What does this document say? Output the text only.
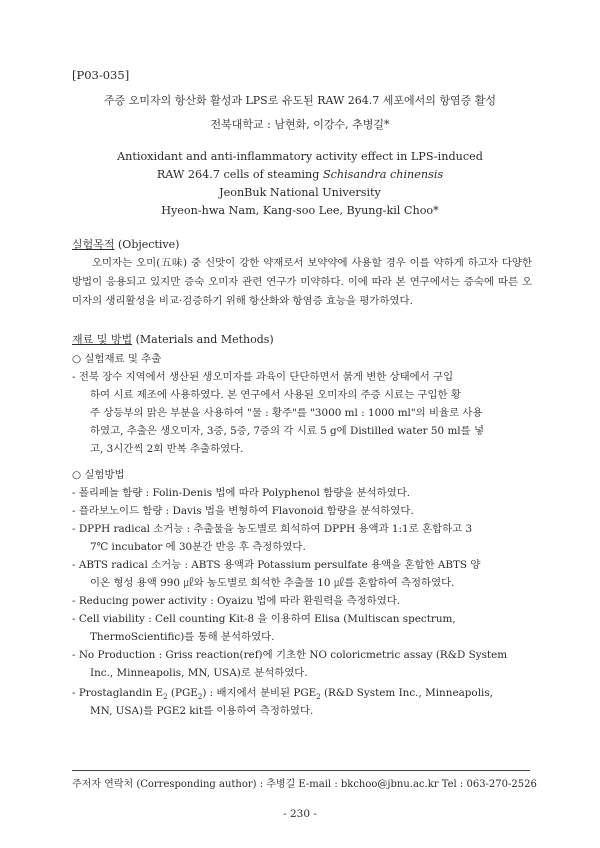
[P03-035]
주증 오미자의 항산화 활성과 LPS로 유도된 RAW 264.7 세포에서의 항염증 활성
전북대학교 : 남현화, 이강수, 추병길*
Antioxidant and anti-inflammatory activity effect in LPS-induced
RAW 264.7 cells of steaming Schisandra chinensis
JeonBuk National University
Hyeon-hwa Nam, Kang-soo Lee, Byung-kil Choo*
실험목적 (Objective)
오미자는 오미(五味) 중 신맛이 강한 약재로서 보약약에 사용할 경우 이를 약하게 하고자 다양한 방법이 응용되고 있지만 증숙 오미자 관련 연구가 미약하다. 이에 따라 본 연구에서는 증숙에 따른 오미자의 생리활성을 비교·검증하기 위해 항산화와 항염증 효능을 평가하였다.
재료 및 방법 (Materials and Methods)
○ 실험재료 및 추출
- 전북 장수 지역에서 생산된 생오미자를 과육이 단단하면서 붉게 변한 상태에서 구입
하여 시료 제조에 사용하였다. 본 연구에서 사용된 오미자의 주증 시료는 구입한 황
주 상등부의 맑은 부분을 사용하여 "물 : 황주"를 "3000 ml : 1000 ml"의 비율로 사용
하였고, 추출은 생오미자, 3증, 5증, 7증의 각 시료 5 g에 Distilled water 50 ml를 넣
고, 3시간씩 2회 반복 추출하였다.
○ 실험방법
- 폴리페놀 함량 : Folin-Denis 법에 따라 Polyphenol 함량을 분석하였다.
- 플라보노이드 함량 : Davis 법을 변형하여 Flavonoid 함량을 분석하였다.
- DPPH radical 소거능 : 추출물을 농도별로 희석하여 DPPH 용액과 1:1로 혼합하고 3
7℃ incubator 에 30분간 반응 후 측정하였다.
- ABTS radical 소거능 : ABTS 용액과 Potassium persulfate 용액을 혼합한 ABTS 양
이온 형성 용액 990 ㎕와 농도별로 희석한 추출물 10 ㎕를 혼합하여 측정하였다.
- Reducing power activity : Oyaizu 법에 따라 환원력을 측정하였다.
- Cell viability : Cell counting Kit-8 을 이용하여 Elisa (Multiscan spectrum,
ThermoScientific)를 통해 분석하였다.
- No Production : Griss reaction(ref)에 기초한 NO coloricmetric assay (R&D System
Inc., Minneapolis, MN, USA)로 분석하였다.
- Prostaglandin $E_2$ $(PGE_2)$ : 배지에서 분비된 $PGE_2$ (R&D System Inc., Minneapolis,
MN, USA)를 PGE2 kit를 이용하여 측정하였다.
주저자 연락처 (Corresponding author) : 추병길 E-mail : bkchoo@jbnu.ac.kr Tel : 063-270-2526
- 230 -
